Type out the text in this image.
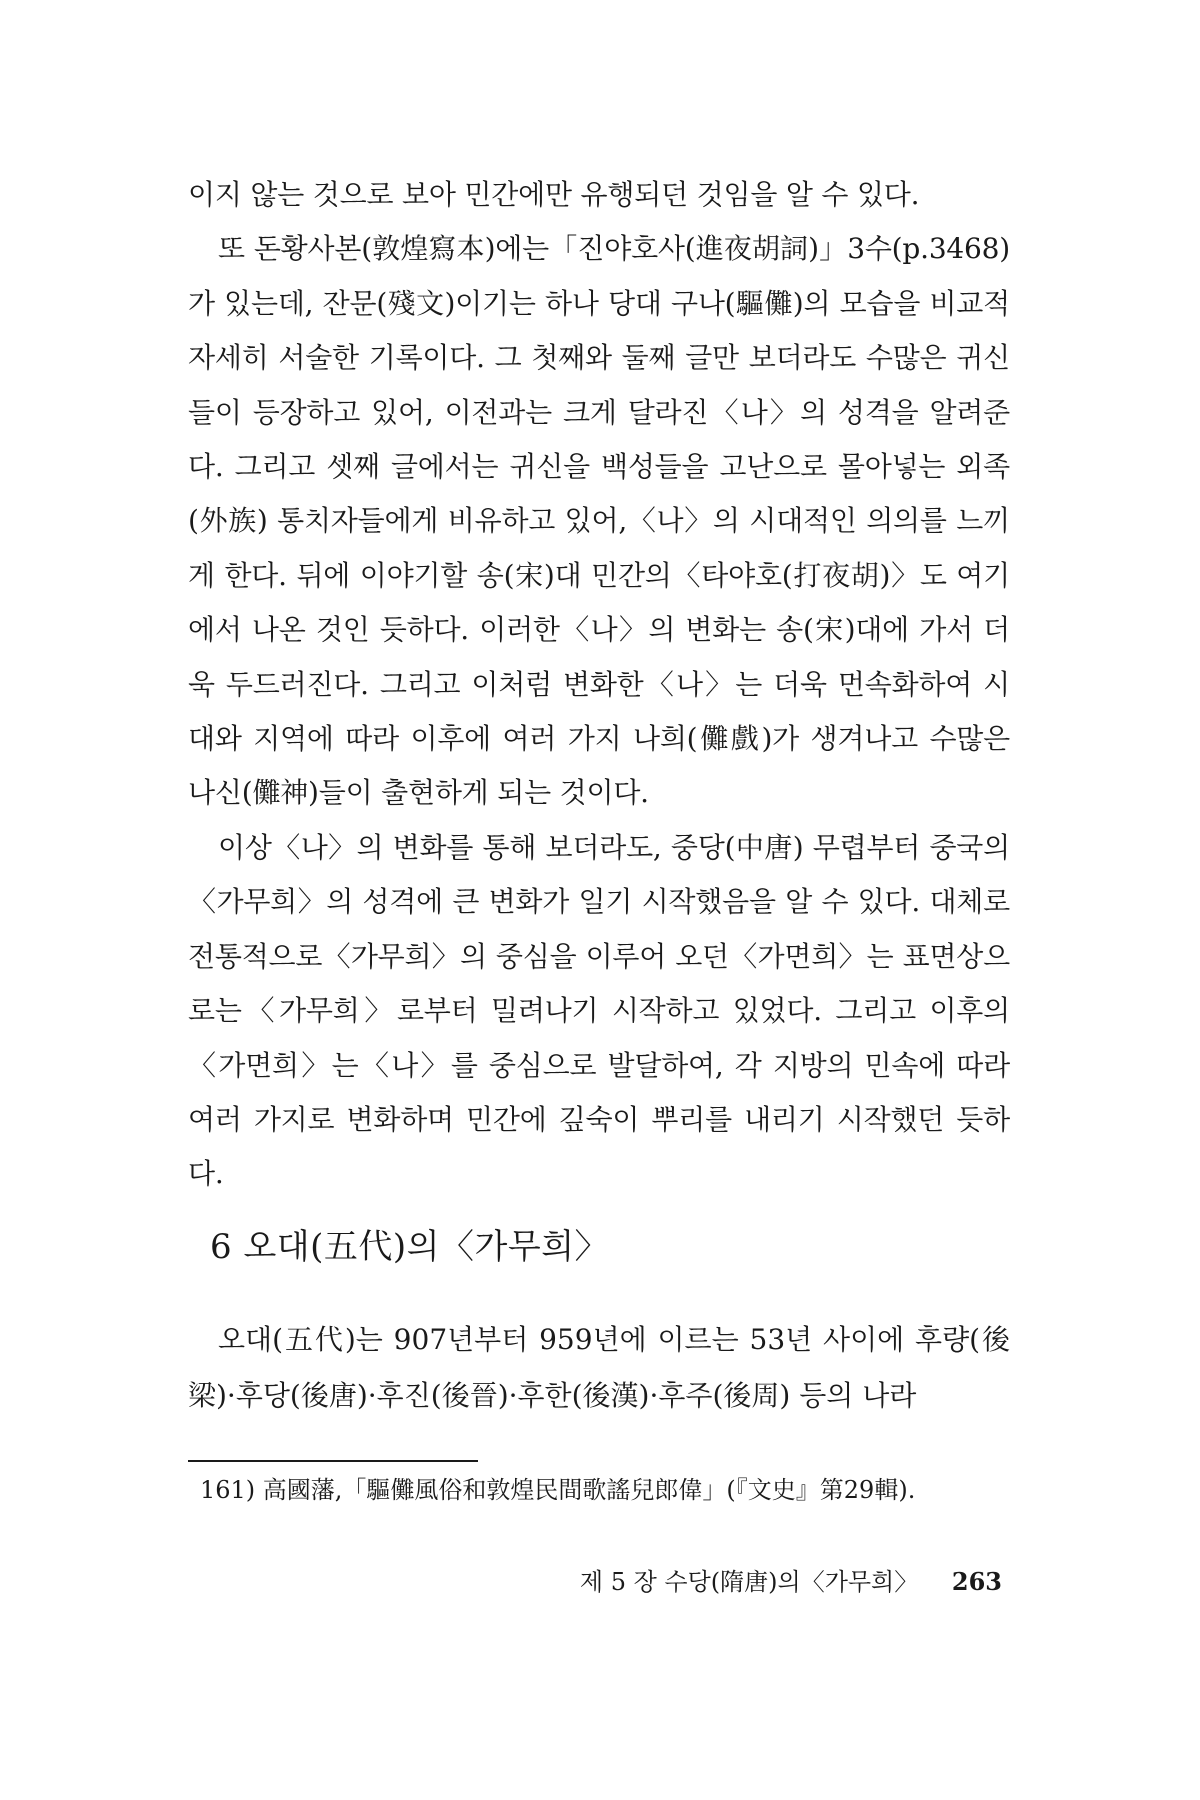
이지 않는 것으로 보아 민간에만 유행되던 것임을 알 수 있다.

또 돈황사본(敦煌寫本)에는「진야호사(進夜胡詞)」3수(p.3468)가 있는데, 잔문(殘文)이기는 하나 당대 구나(驅儺)의 모습을 비교적 자세히 서술한 기록이다. 그 첫째와 둘째 글만 보더라도 수많은 귀신들이 등장하고 있어, 이전과는 크게 달라진〈나〉의 성격을 알려준다. 그리고 셋째 글에서는 귀신을 백성들을 고난으로 몰아넣는 외족(外族) 통치자들에게 비유하고 있어,〈나〉의 시대적인 의의를 느끼게 한다. 뒤에 이야기할 송(宋)대 민간의〈타야호(打夜胡)〉도 여기에서 나온 것인 듯하다. 이러한〈나〉의 변화는 송(宋)대에 가서 더욱 두드러진다. 그리고 이처럼 변화한〈나〉는 더욱 먼속화하여 시대와 지역에 따라 이후에 여러 가지 나희(儺戲)가 생겨나고 수많은 나신(儺神)들이 출현하게 되는 것이다.

이상〈나〉의 변화를 통해 보더라도, 중당(中唐) 무렵부터 중국의〈가무희〉의 성격에 큰 변화가 일기 시작했음을 알 수 있다. 대체로 전통적으로〈가무희〉의 중심을 이루어 오던〈가면희〉는 표면상으로는〈가무희〉로부터 밀려나기 시작하고 있었다. 그리고 이후의〈가면희〉는〈나〉를 중심으로 발달하여, 각 지방의 민속에 따라 여러 가지로 변화하며 민간에 깊숙이 뿌리를 내리기 시작했던 듯하다.

6 오대(五代)의〈가무희〉

오대(五代)는 907년부터 959년에 이르는 53년 사이에 후량(後梁)·후당(後唐)·후진(後晉)·후한(後漢)·후주(後周) 등의 나라

161) 高國藩,「驅儺風俗和敦煌民間歌謠兒郎偉」(『文史』第29輯).
제 5 장 수당(隋唐)의〈가무희〉 263
